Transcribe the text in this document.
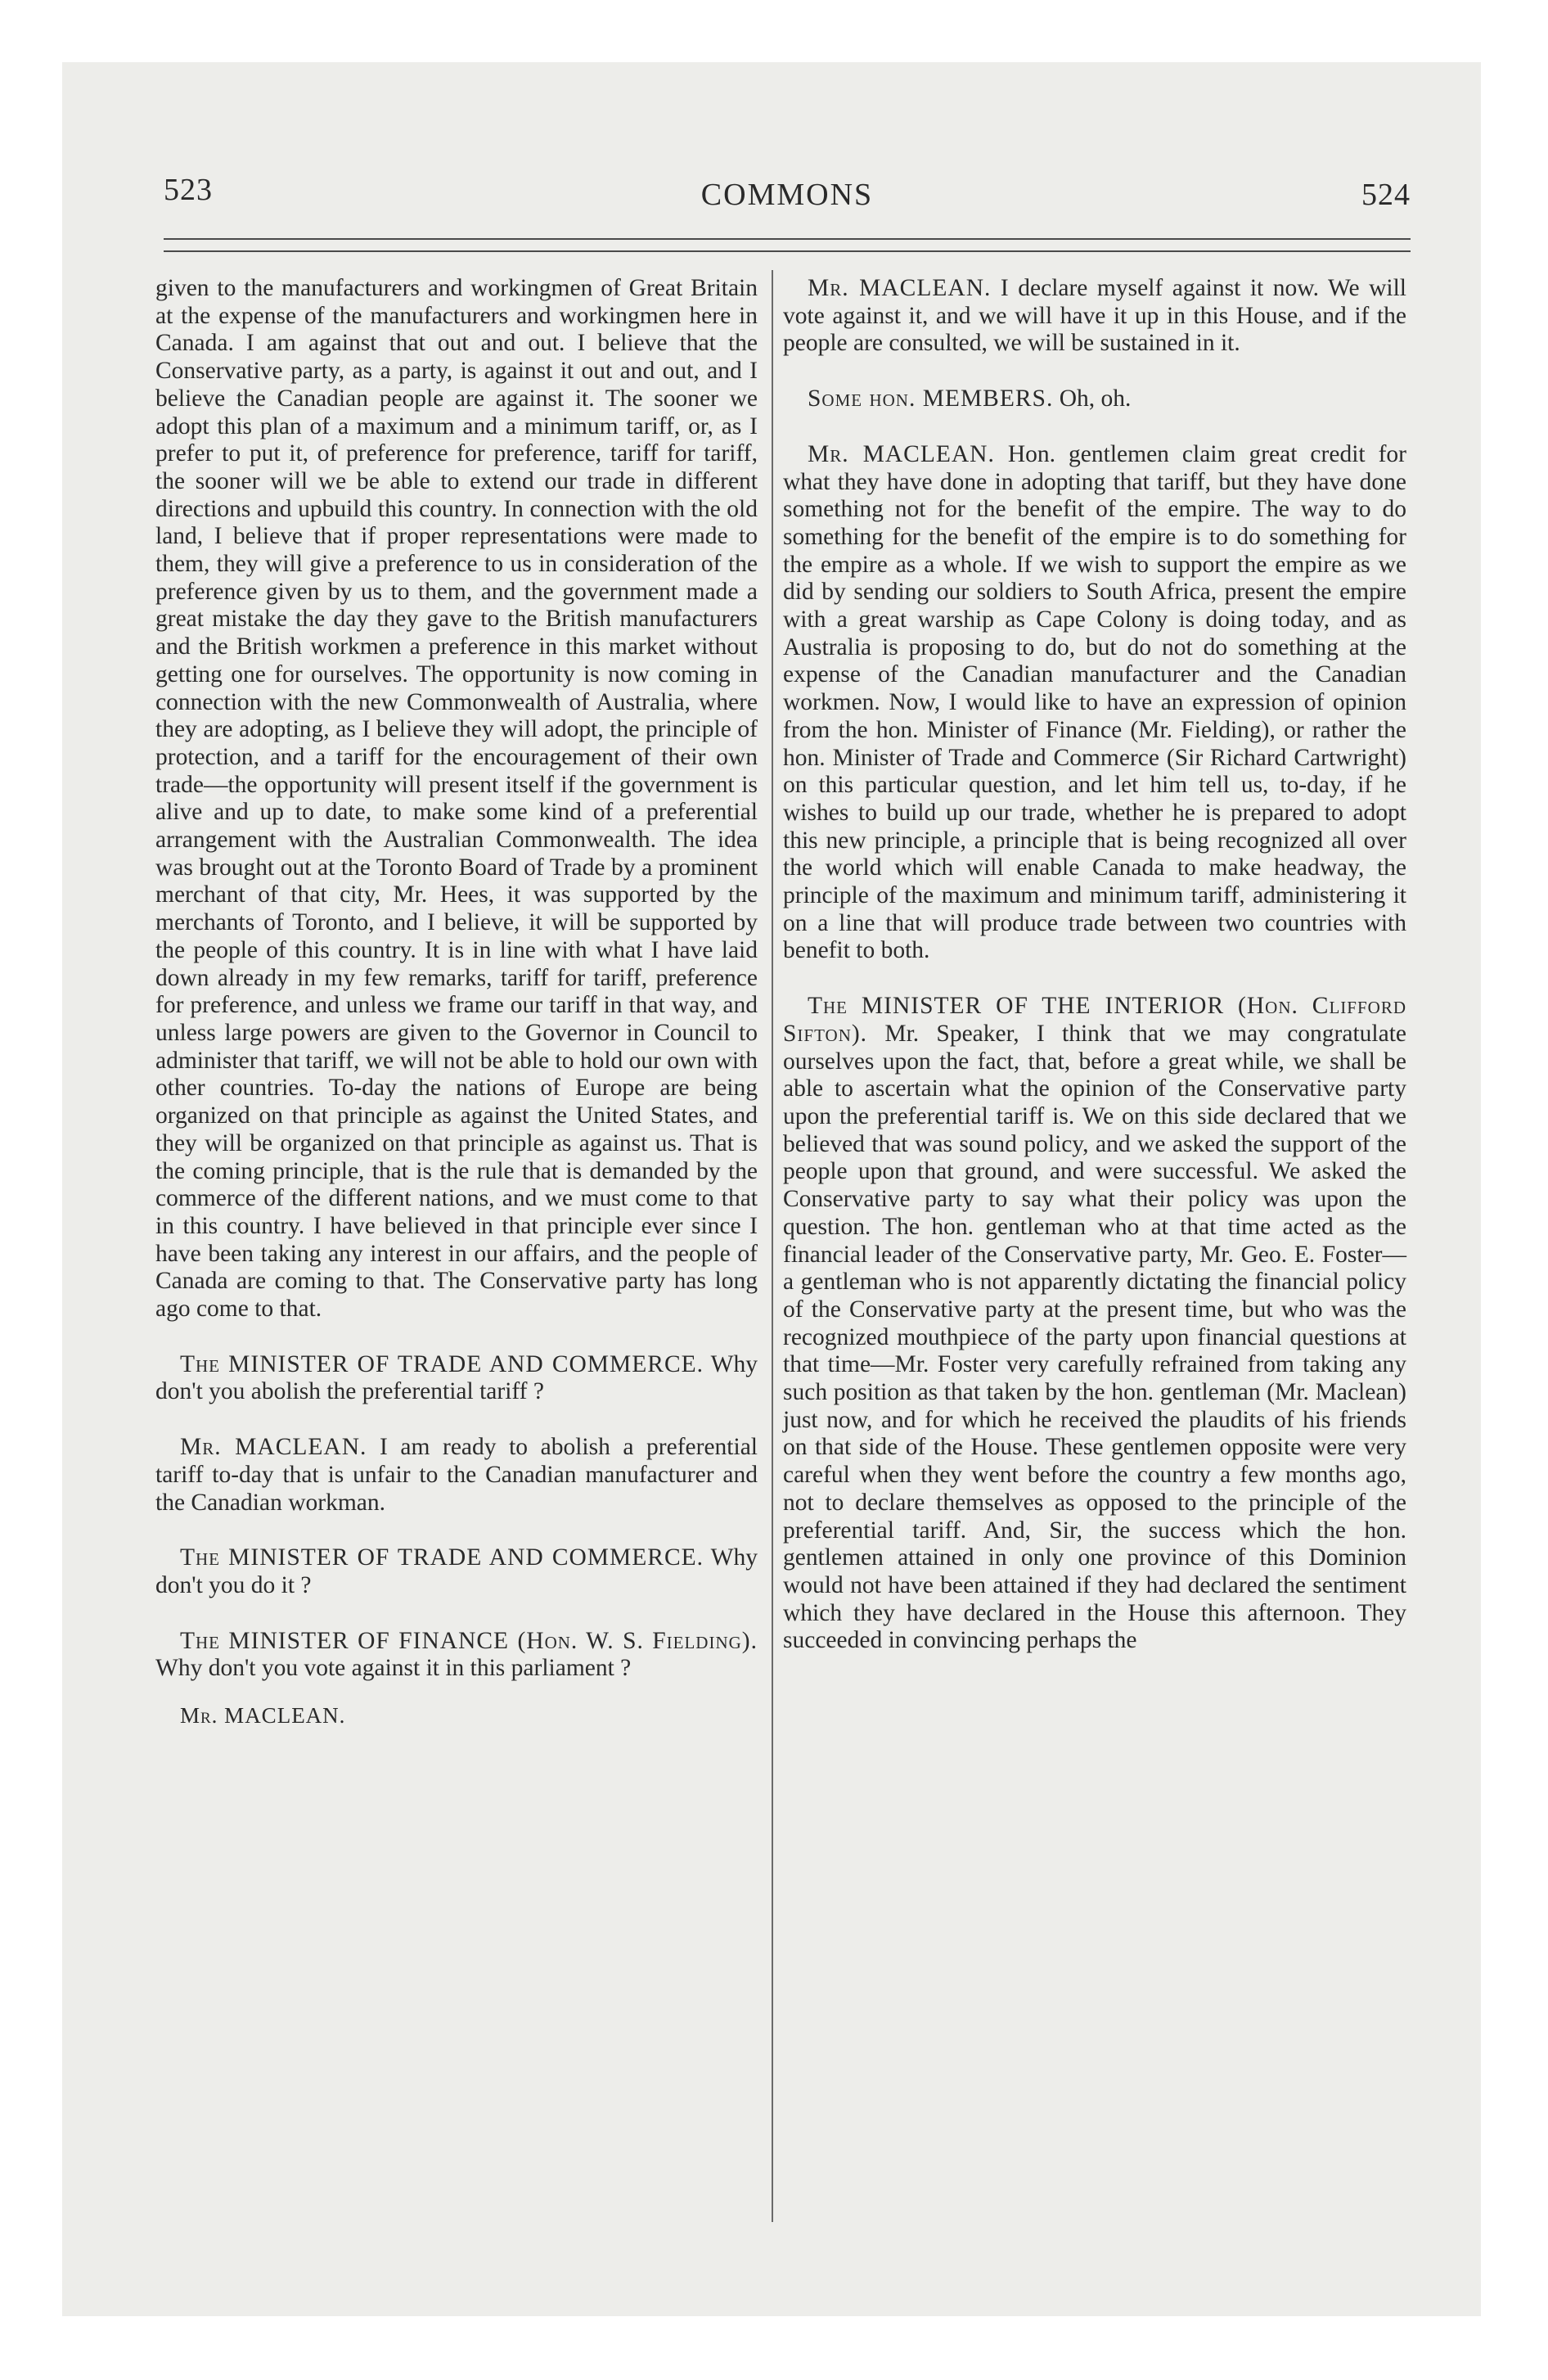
523	COMMONS	524

given to the manufacturers and workingmen of Great Britain at the expense of the manufacturers and workingmen here in Canada. I am against that out and out. I believe that the Conservative party, as a party, is against it out and out, and I believe the Canadian people are against it. The sooner we adopt this plan of a maximum and a minimum tariff, or, as I prefer to put it, of preference for preference, tariff for tariff, the sooner will we be able to extend our trade in different directions and upbuild this country. In connection with the old land, I believe that if proper representations were made to them, they will give a preference to us in consideration of the preference given by us to them, and the government made a great mistake the day they gave to the British manufacturers and the British workmen a preference in this market without getting one for ourselves. The opportunity is now coming in connection with the new Commonwealth of Australia, where they are adopting, as I believe they will adopt, the principle of protection, and a tariff for the encouragement of their own trade—the opportunity will present itself if the government is alive and up to date, to make some kind of a preferential arrangement with the Australian Commonwealth. The idea was brought out at the Toronto Board of Trade by a prominent merchant of that city, Mr. Hees, it was supported by the merchants of Toronto, and I believe, it will be supported by the people of this country. It is in line with what I have laid down already in my few remarks, tariff for tariff, preference for preference, and unless we frame our tariff in that way, and unless large powers are given to the Governor in Council to administer that tariff, we will not be able to hold our own with other countries. To-day the nations of Europe are being organized on that principle as against the United States, and they will be organized on that principle as against us. That is the coming principle, that is the rule that is demanded by the commerce of the different nations, and we must come to that in this country. I have believed in that principle ever since I have been taking any interest in our affairs, and the people of Canada are coming to that. The Conservative party has long ago come to that.

The MINISTER OF TRADE AND COMMERCE. Why don't you abolish the preferential tariff ?

Mr. MACLEAN. I am ready to abolish a preferential tariff to-day that is unfair to the Canadian manufacturer and the Canadian workman.

The MINISTER OF TRADE AND COMMERCE. Why don't you do it ?

The MINISTER OF FINANCE (Hon. W. S. Fielding). Why don't you vote against it in this parliament ?

Mr. MACLEAN.

Mr. MACLEAN. I declare myself against it now. We will vote against it, and we will have it up in this House, and if the people are consulted, we will be sustained in it.

Some hon. MEMBERS. Oh, oh.

Mr. MACLEAN. Hon. gentlemen claim great credit for what they have done in adopting that tariff, but they have done something not for the benefit of the empire. The way to do something for the benefit of the empire is to do something for the empire as a whole. If we wish to support the empire as we did by sending our soldiers to South Africa, present the empire with a great warship as Cape Colony is doing today, and as Australia is proposing to do, but do not do something at the expense of the Canadian manufacturer and the Canadian workmen. Now, I would like to have an expression of opinion from the hon. Minister of Finance (Mr. Fielding), or rather the hon. Minister of Trade and Commerce (Sir Richard Cartwright) on this particular question, and let him tell us, to-day, if he wishes to build up our trade, whether he is prepared to adopt this new principle, a principle that is being recognized all over the world which will enable Canada to make headway, the principle of the maximum and minimum tariff, administering it on a line that will produce trade between two countries with benefit to both.

The MINISTER OF THE INTERIOR (Hon. Clifford Sifton). Mr. Speaker, I think that we may congratulate ourselves upon the fact, that, before a great while, we shall be able to ascertain what the opinion of the Conservative party upon the preferential tariff is. We on this side declared that we believed that was sound policy, and we asked the support of the people upon that ground, and were successful. We asked the Conservative party to say what their policy was upon the question. The hon. gentleman who at that time acted as the financial leader of the Conservative party, Mr. Geo. E. Foster—a gentleman who is not apparently dictating the financial policy of the Conservative party at the present time, but who was the recognized mouthpiece of the party upon financial questions at that time—Mr. Foster very carefully refrained from taking any such position as that taken by the hon. gentleman (Mr. Maclean) just now, and for which he received the plaudits of his friends on that side of the House. These gentlemen opposite were very careful when they went before the country a few months ago, not to declare themselves as opposed to the principle of the preferential tariff. And, Sir, the success which the hon. gentlemen attained in only one province of this Dominion would not have been attained if they had declared the sentiment which they have declared in the House this afternoon. They succeeded in convincing perhaps the
